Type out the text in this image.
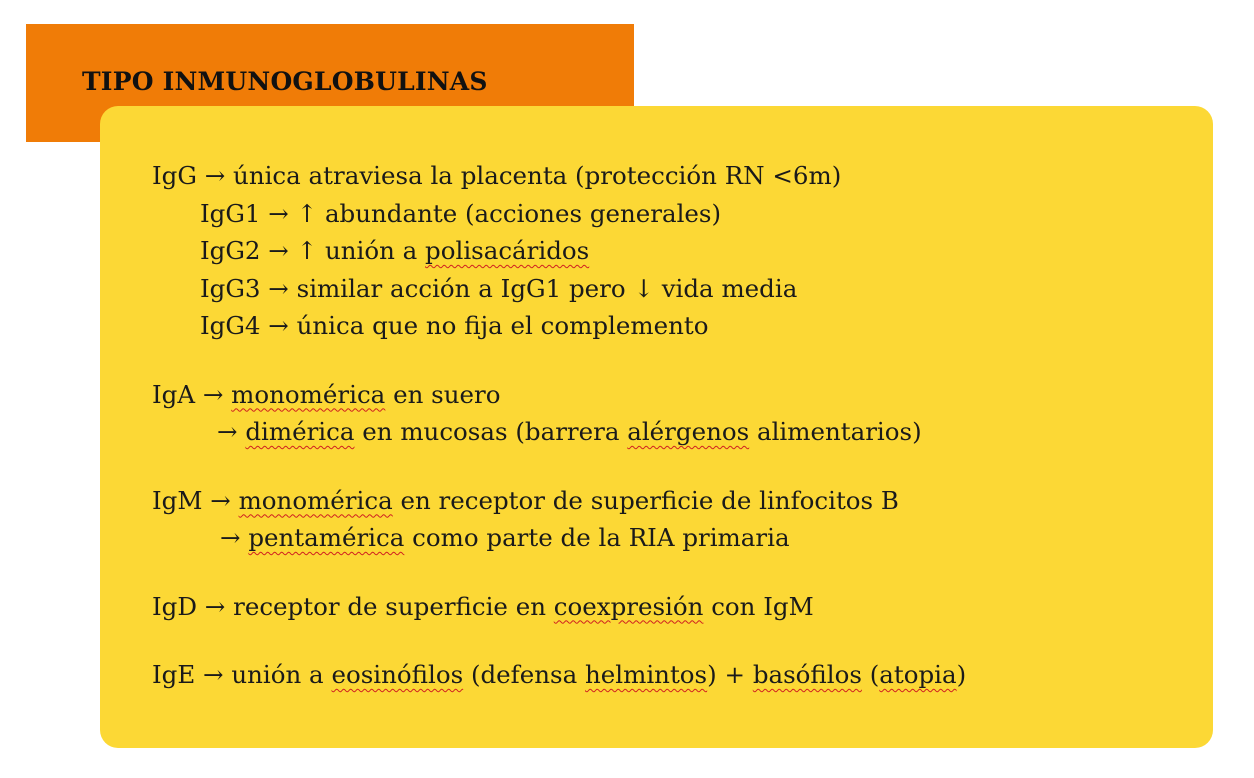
TIPO INMUNOGLOBULINAS
IgG → única atraviesa la placenta (protección RN <6m)
IgG1 → ↑ abundante (acciones generales)
IgG2 → ↑ unión a polisacáridos
IgG3 → similar acción a IgG1 pero ↓ vida media
IgG4 → única que no fija el complemento
IgA → monomérica en suero
→ dimérica en mucosas (barrera alérgenos alimentarios)
IgM → monomérica en receptor de superficie de linfocitos B
→ pentamérica como parte de la RIA primaria
IgD → receptor de superficie en coexpresión con IgM
IgE → unión a eosinófilos (defensa helmintos) + basófilos (atopia)
